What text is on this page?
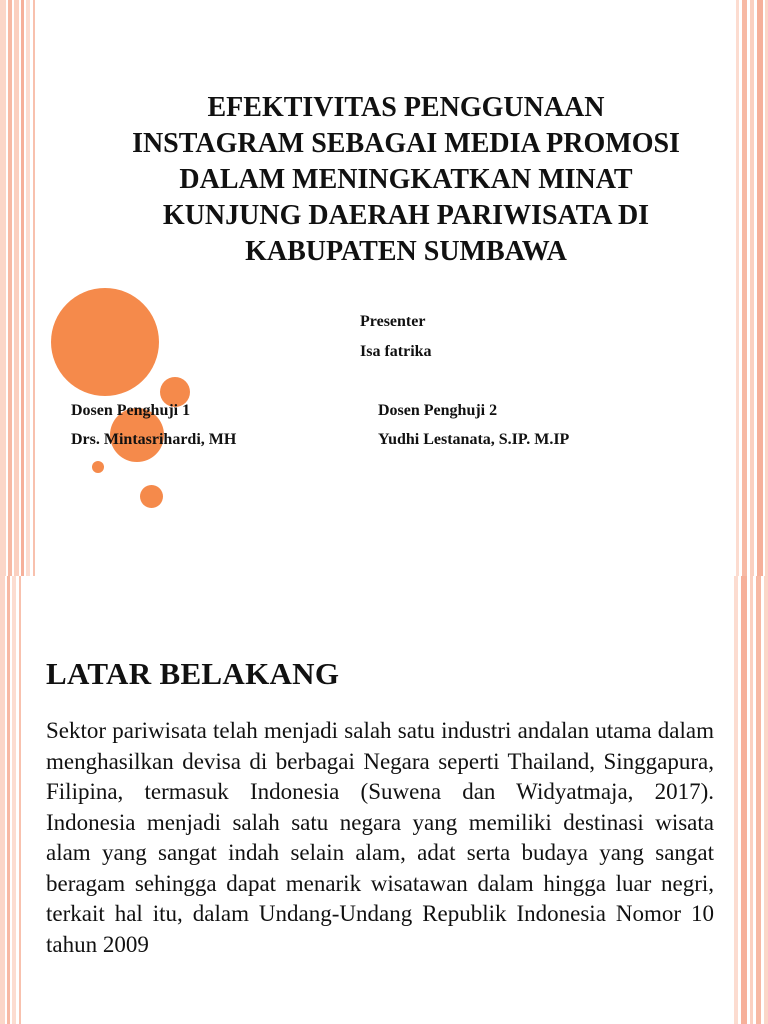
EFEKTIVITAS PENGGUNAAN
INSTAGRAM SEBAGAI MEDIA PROMOSI
DALAM MENINGKATKAN MINAT
KUNJUNG DAERAH PARIWISATA DI
KABUPATEN SUMBAWA
Presenter
Isa fatrika
Dosen Penghuji 1
Drs. Mintasrihardi, MH
Dosen Penghuji 2
Yudhi Lestanata, S.IP. M.IP
LATAR BELAKANG

Sektor pariwisata telah menjadi salah satu industri andalan utama dalam menghasilkan devisa di berbagai Negara seperti Thailand, Singgapura, Filipina, termasuk Indonesia (Suwena dan Widyatmaja, 2017). Indonesia menjadi salah satu negara yang memiliki destinasi wisata alam yang sangat indah selain alam, adat serta budaya yang sangat beragam sehingga dapat menarik wisatawan dalam hingga luar negri, terkait hal itu, dalam Undang-Undang Republik Indonesia Nomor 10 tahun 2009
